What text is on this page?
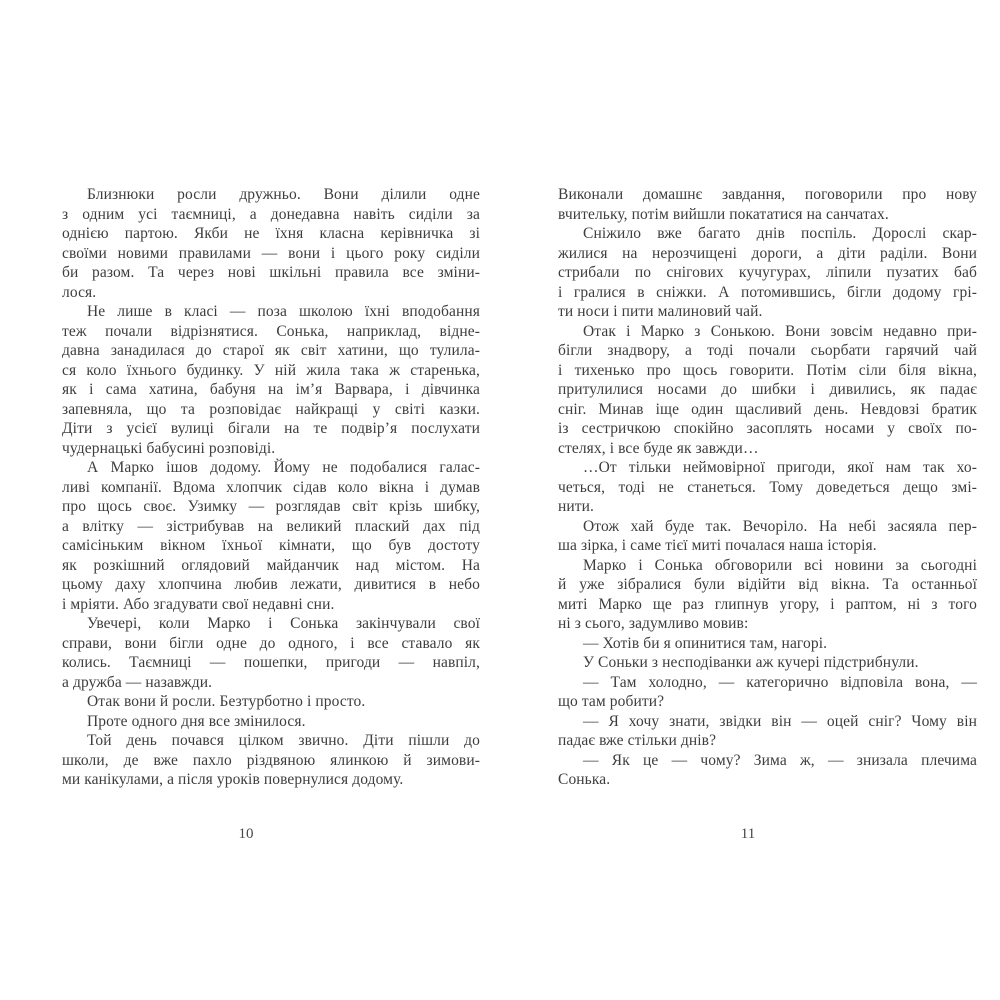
Близнюки росли дружньо. Вони ділили одне
з одним усі таємниці, а донедавна навіть сиділи за
однією партою. Якби не їхня класна керівничка зі
своїми новими правилами — вони і цього року сиділи
би разом. Та через нові шкільні правила все зміни-
лося.
Не лише в класі — поза школою їхні вподобання
теж почали відрізнятися. Сонька, наприклад, відне-
давна занадилася до старої як світ хатини, що тулила-
ся коло їхнього будинку. У ній жила така ж старенька,
як і сама хатина, бабуня на ім’я Варвара, і дівчинка
запевняла, що та розповідає найкращі у світі казки.
Діти з усієї вулиці бігали на те подвір’я послухати
чудернацькі бабусині розповіді.
А Марко ішов додому. Йому не подобалися галас-
ливі компанії. Вдома хлопчик сідав коло вікна і думав
про щось своє. Узимку — розглядав світ крізь шибку,
а влітку — зістрибував на великий плаский дах під
самісіньким вікном їхньої кімнати, що був достоту
як розкішний оглядовий майданчик над містом. На
цьому даху хлопчина любив лежати, дивитися в небо
і мріяти. Або згадувати свої недавні сни.
Увечері, коли Марко і Сонька закінчували свої
справи, вони бігли одне до одного, і все ставало як
колись. Таємниці — пошепки, пригоди — навпіл,
а дружба — назавжди.
Отак вони й росли. Безтурботно і просто.
Проте одного дня все змінилося.
Той день почався цілком звично. Діти пішли до
школи, де вже пахло різдвяною ялинкою й зимови-
ми канікулами, а після уроків повернулися додому.
Виконали домашнє завдання, поговорили про нову
вчительку, потім вийшли покататися на санчатах.
Сніжило вже багато днів поспіль. Дорослі скар-
жилися на нерозчищені дороги, а діти раділи. Вони
стрибали по снігових кучугурах, ліпили пузатих баб
і гралися в сніжки. А потомившись, бігли додому грі-
ти носи і пити малиновий чай.
Отак і Марко з Сонькою. Вони зовсім недавно при-
бігли знадвору, а тоді почали сьорбати гарячий чай
і тихенько про щось говорити. Потім сіли біля вікна,
притулилися носами до шибки і дивились, як падає
сніг. Минав іще один щасливий день. Невдовзі братик
із сестричкою спокійно засоплять носами у своїх по-
стелях, і все буде як завжди…
…От тільки неймовірної пригоди, якої нам так хо-
четься, тоді не станеться. Тому доведеться дещо змі-
нити.
Отож хай буде так. Вечоріло. На небі засяяла пер-
ша зірка, і саме тієї миті почалася наша історія.
Марко і Сонька обговорили всі новини за сьогодні
й уже зібралися були відійти від вікна. Та останньої
миті Марко ще раз глипнув угору, і раптом, ні з того
ні з сього, задумливо мовив:
— Хотів би я опинитися там, нагорі.
У Соньки з несподіванки аж кучері підстрибнули.
— Там холодно, — категорично відповіла вона, —
що там робити?
— Я хочу знати, звідки він — оцей сніг? Чому він
падає вже стільки днів?
— Як це — чому? Зима ж, — знизала плечима
Сонька.
10	11
